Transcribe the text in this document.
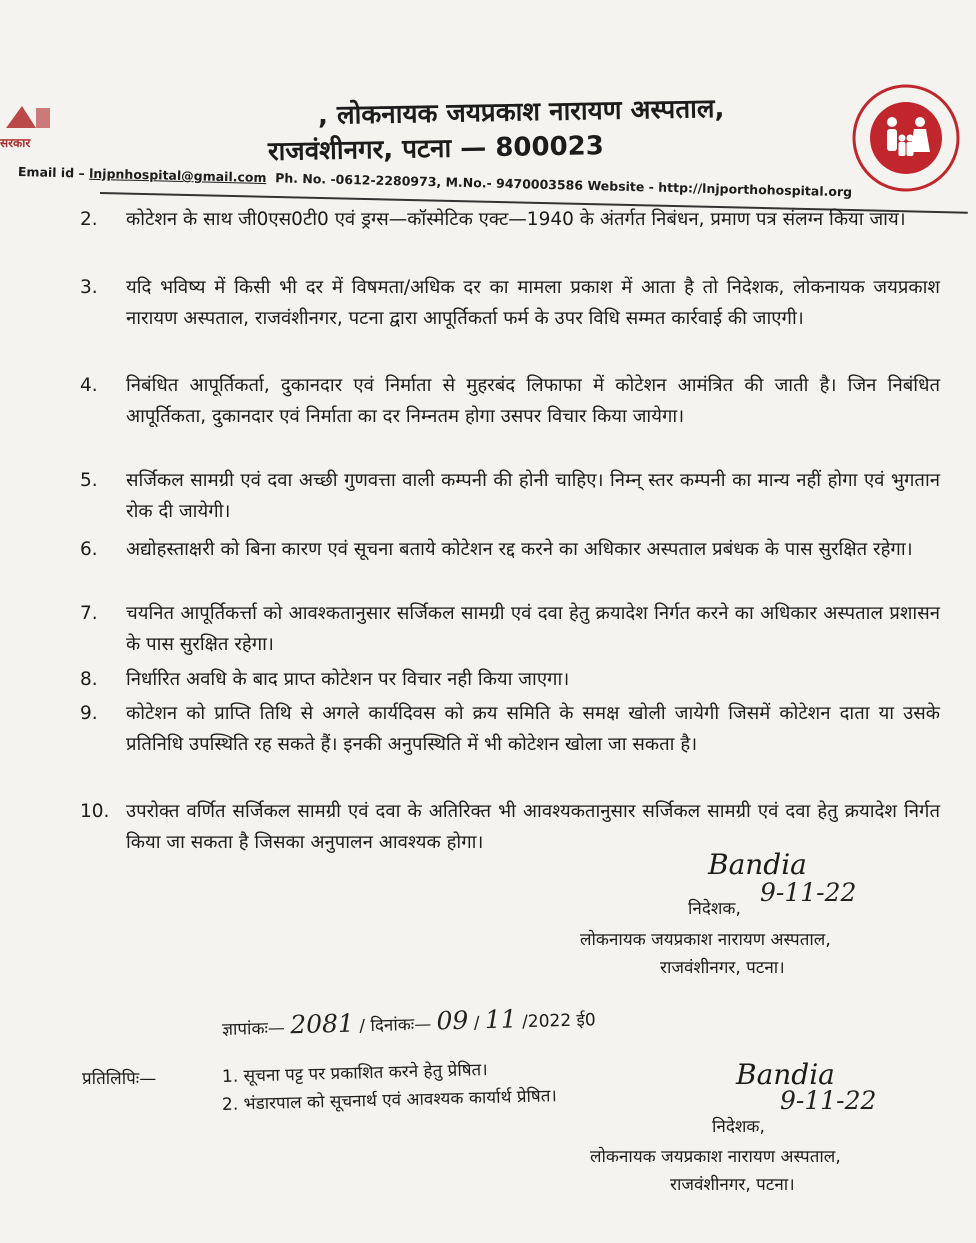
सरकार
, लोकनायक जयप्रकाश नारायण अस्पताल,
राजवंशीनगर, पटना — 800023
Email id – lnjpnhospital@gmail.com Ph. No. -0612-2280973, M.No.- 9470003586 Website - http://lnjporthohospital.org
2.	कोटेशन के साथ जी0एस0टी0 एवं ड्रग्स—कॉस्मेटिक एक्ट—1940 के अंतर्गत निबंधन, प्रमाण पत्र संलग्न किया जाय।
3.	यदि भविष्य में किसी भी दर में विषमता/अधिक दर का मामला प्रकाश में आता है तो निदेशक, लोकनायक जयप्रकाश नारायण अस्पताल, राजवंशीनगर, पटना द्वारा आपूर्तिकर्ता फर्म के उपर विधि सम्मत कार्रवाई की जाएगी।
4.	निबंधित आपूर्तिकर्ता, दुकानदार एवं निर्माता से मुहरबंद लिफाफा में कोटेशन आमंत्रित की जाती है। जिन निबंधित आपूर्तिकता, दुकानदार एवं निर्माता का दर निम्नतम होगा उसपर विचार किया जायेगा।
5.	सर्जिकल सामग्री एवं दवा अच्छी गुणवत्ता वाली कम्पनी की होनी चाहिए। निम्न् स्तर कम्पनी का मान्य नहीं होगा एवं भुगतान रोक दी जायेगी।
6.	अद्योहस्ताक्षरी को बिना कारण एवं सूचना बताये कोटेशन रद्द करने का अधिकार अस्पताल प्रबंधक के पास सुरक्षित रहेगा।
7.	चयनित आपूर्तिकर्त्ता को आवश्कतानुसार सर्जिकल सामग्री एवं दवा हेतु क्रयादेश निर्गत करने का अधिकार अस्पताल प्रशासन के पास सुरक्षित रहेगा।
8.	निर्धारित अवधि के बाद प्राप्त कोटेशन पर विचार नही किया जाएगा।
9.	कोटेशन को प्राप्ति तिथि से अगले कार्यदिवस को क्रय समिति के समक्ष खोली जायेगी जिसमें कोटेशन दाता या उसके प्रतिनिधि उपस्थिति रह सकते हैं। इनकी अनुपस्थिति में भी कोटेशन खोला जा सकता है।
10. उपरोक्त वर्णित सर्जिकल सामग्री एवं दवा के अतिरिक्त भी आवश्यकतानुसार सर्जिकल सामग्री एवं दवा हेतु क्रयादेश निर्गत किया जा सकता है जिसका अनुपालन आवश्यक होगा।
Bandia
9-11-22
निदेशक,
लोकनायक जयप्रकाश नारायण अस्पताल,
राजवंशीनगर, पटना।
ज्ञापांकः— 2081 / दिनांकः— 09 / 11 /2022 ई0
प्रतिलिपिः—	1. सूचना पट्ट पर प्रकाशित करने हेतु प्रेषित।
2. भंडारपाल को सूचनार्थ एवं आवश्यक कार्यार्थ प्रेषित।
Bandia
9-11-22
निदेशक,
लोकनायक जयप्रकाश नारायण अस्पताल,
राजवंशीनगर, पटना।
